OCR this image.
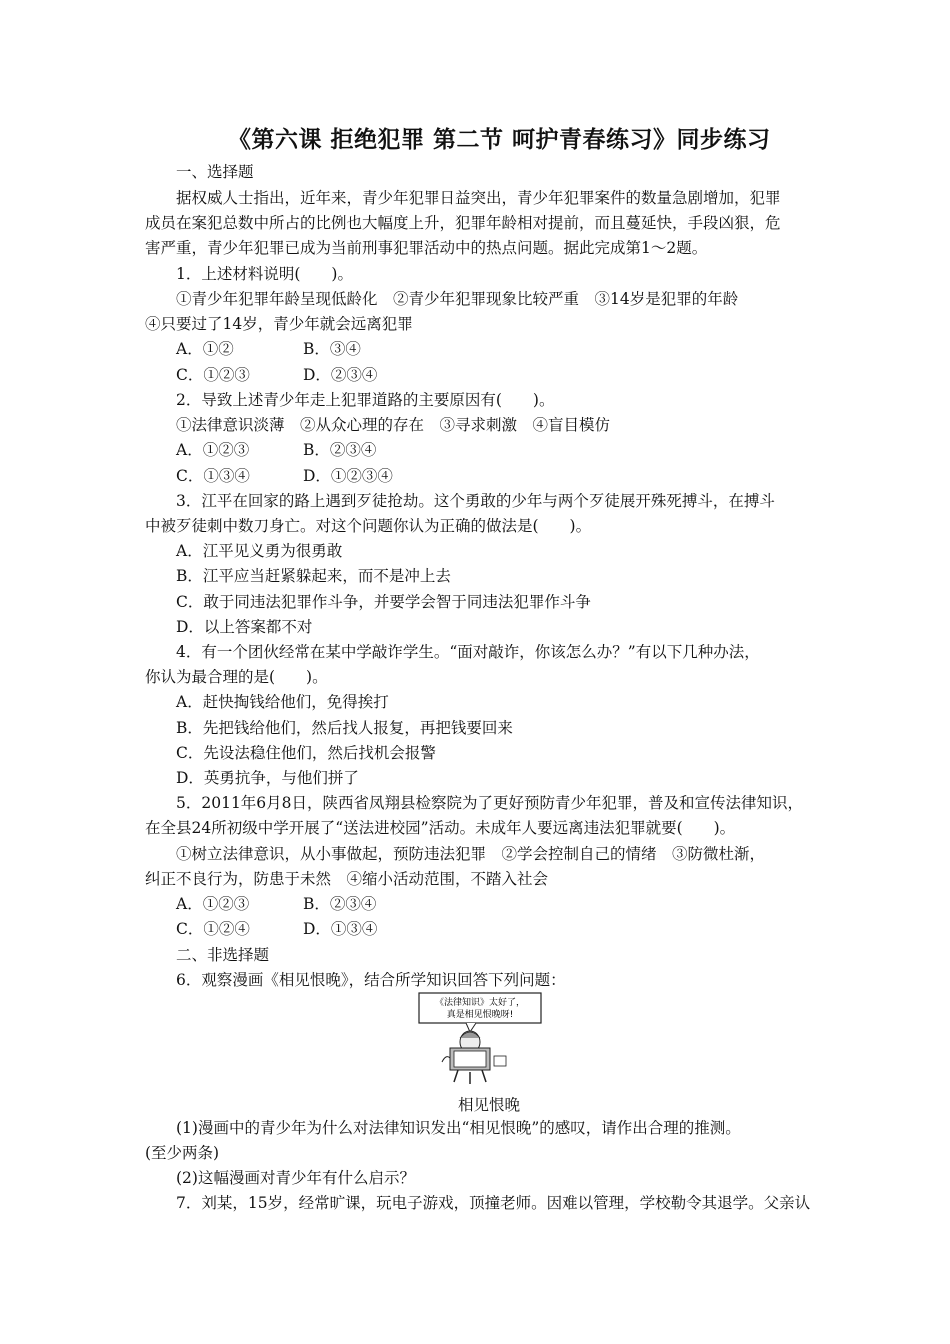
《第六课 拒绝犯罪 第二节 呵护青春练习》同步练习
一、选择题
据权威人士指出，近年来，青少年犯罪日益突出，青少年犯罪案件的数量急剧增加，犯罪
成员在案犯总数中所占的比例也大幅度上升，犯罪年龄相对提前，而且蔓延快，手段凶狠，危
害严重，青少年犯罪已成为当前刑事犯罪活动中的热点问题。据此完成第1～2题。
1．上述材料说明(　　)。
①青少年犯罪年龄呈现低龄化　②青少年犯罪现象比较严重　③14岁是犯罪的年龄
④只要过了14岁，青少年就会远离犯罪
A．①②	B．③④
C．①②③	D．②③④
2．导致上述青少年走上犯罪道路的主要原因有(　　)。
①法律意识淡薄　②从众心理的存在　③寻求刺激　④盲目模仿
A．①②③	B．②③④
C．①③④	D．①②③④
3．江平在回家的路上遇到歹徒抢劫。这个勇敢的少年与两个歹徒展开殊死搏斗，在搏斗
中被歹徒刺中数刀身亡。对这个问题你认为正确的做法是(　　)。
A．江平见义勇为很勇敢
B．江平应当赶紧躲起来，而不是冲上去
C．敢于同违法犯罪作斗争，并要学会智于同违法犯罪作斗争
D．以上答案都不对
4．有一个团伙经常在某中学敲诈学生。“面对敲诈，你该怎么办？”有以下几种办法，
你认为最合理的是(　　)。
A．赶快掏钱给他们，免得挨打
B．先把钱给他们，然后找人报复，再把钱要回来
C．先设法稳住他们，然后找机会报警
D．英勇抗争，与他们拼了
5．2011年6月8日，陕西省凤翔县检察院为了更好预防青少年犯罪，普及和宣传法律知识，
在全县24所初级中学开展了“送法进校园”活动。未成年人要远离违法犯罪就要(　　)。
①树立法律意识，从小事做起，预防违法犯罪　②学会控制自己的情绪　③防微杜渐，
纠正不良行为，防患于未然　④缩小活动范围，不踏入社会
A．①②③	B．②③④
C．①②④	D．①③④
二、非选择题
6．观察漫画《相见恨晚》，结合所学知识回答下列问题：
《法律知识》太好了，
真是相见恨晚呀!
相见恨晚
(1)漫画中的青少年为什么对法律知识发出“相见恨晚”的感叹，请作出合理的推测。
(至少两条)
(2)这幅漫画对青少年有什么启示？
7．刘某，15岁，经常旷课，玩电子游戏，顶撞老师。因难以管理，学校勒令其退学。父亲认
